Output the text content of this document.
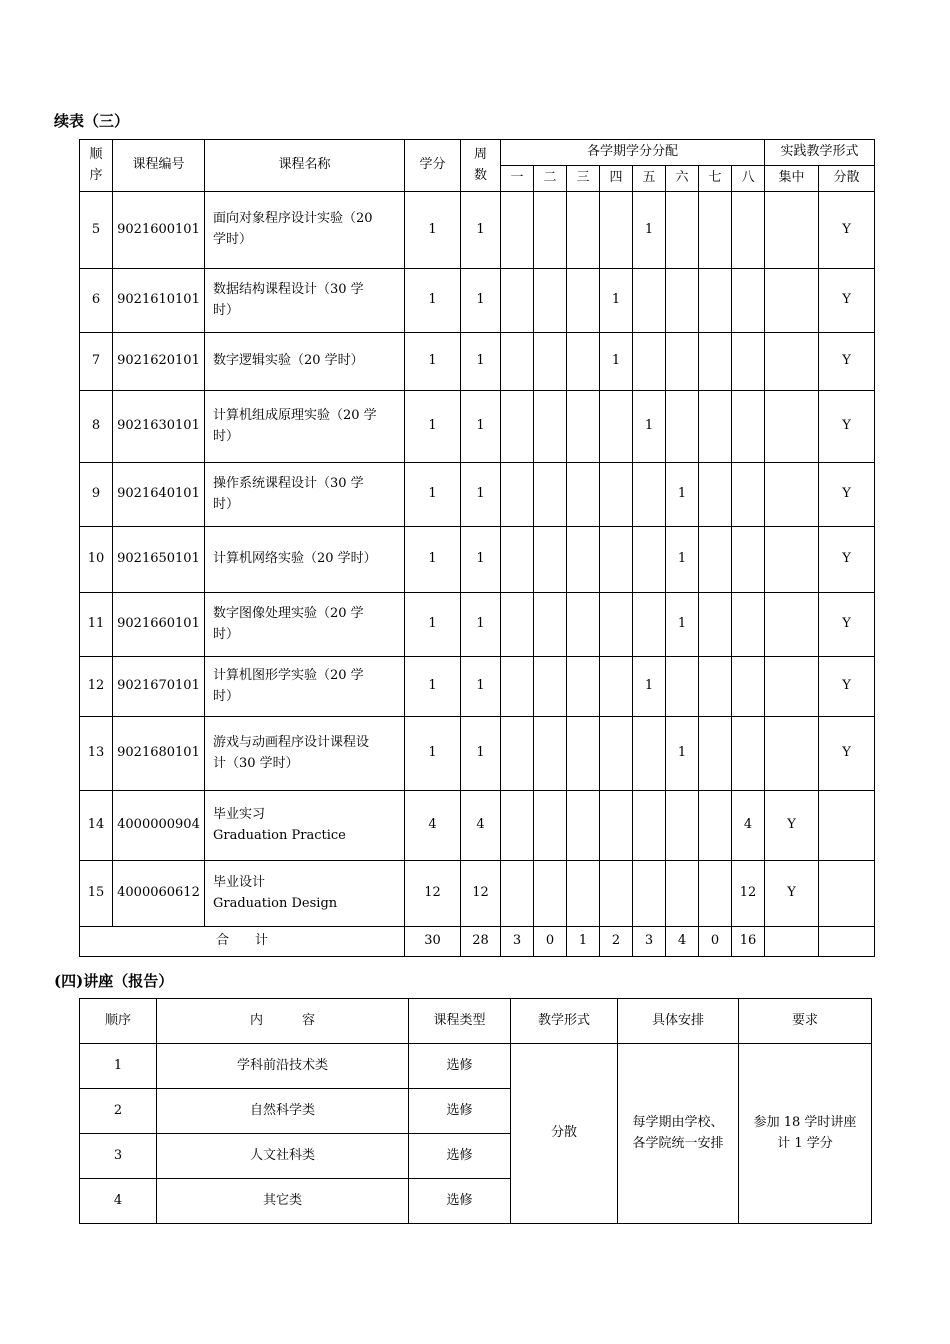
续表（三）
顺
序	课程编号	课程名称	学分	周
数	各学期学分分配								实践教学形式	
					一	二	三	四	五	六	七	八	集中	分散
5	9021600101	面向对象程序设计实验（20
学时）	1	1					1					Y
6	9021610101	数据结构课程设计（30 学
时）	1	1				1						Y
7	9021620101	数字逻辑实验（20 学时）	1	1				1						Y
8	9021630101	计算机组成原理实验（20 学
时）	1	1					1					Y
9	9021640101	操作系统课程设计（30 学
时）	1	1						1				Y
10	9021650101	计算机网络实验（20 学时）	1	1						1				Y
11	9021660101	数字图像处理实验（20 学
时）	1	1						1				Y
12	9021670101	计算机图形学实验（20 学
时）	1	1					1					Y
13	9021680101	游戏与动画程序设计课程设
计（30 学时）	1	1						1				Y
14	4000000904	毕业实习
Graduation Practice	4	4								4	Y	
15	4000060612	毕业设计
Graduation Design	12	12								12	Y	
合　　计			30	28	3	0	1	2	3	4	0	16		
(四)讲座（报告）
顺序	内　　　容	课程类型	教学形式	具体安排	要求
1	学科前沿技术类	选修	分散	每学期由学校、
各学院统一安排	参加 18 学时讲座
计 1 学分

2	自然科学类	选修			
3	人文社科类	选修			
4	其它类	选修			
